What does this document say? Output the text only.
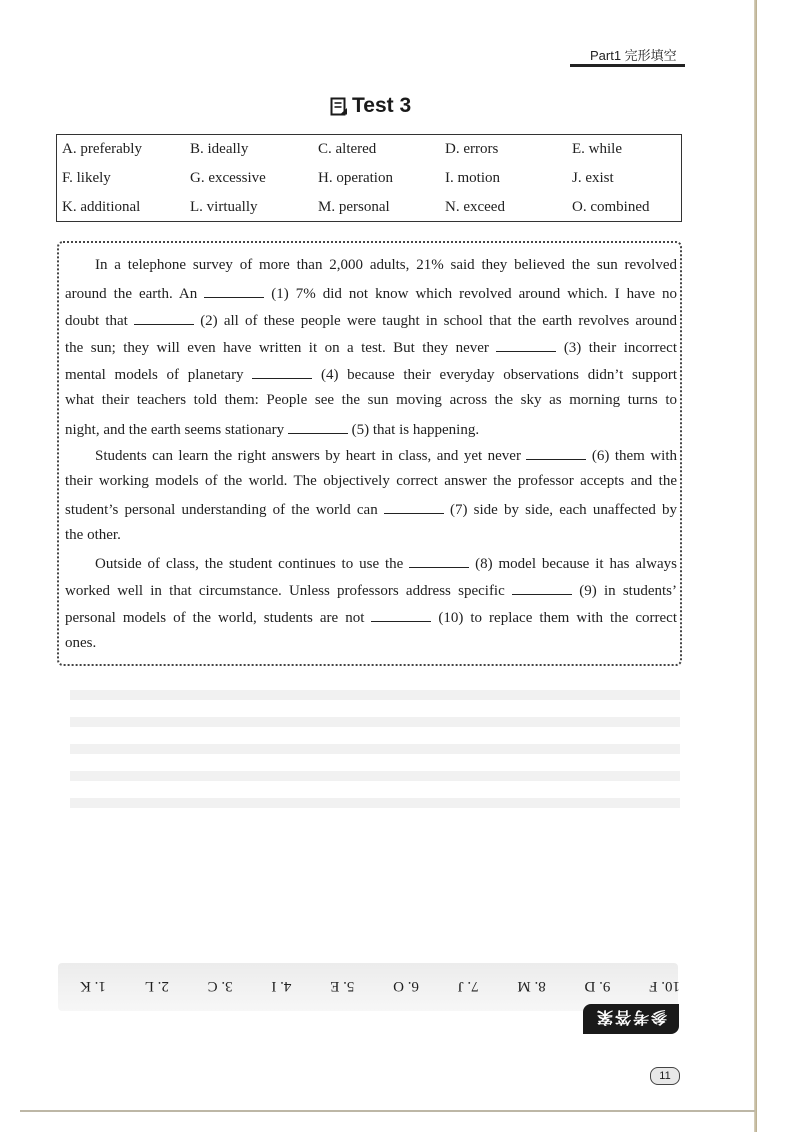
Part1 完形填空
Test 3
A. preferably	B. ideally	C. altered	D. errors	E. while
F. likely	G. excessive	H. operation	I. motion	J. exist
K. additional	L. virtually	M. personal	N. exceed	O. combined
In a telephone survey of more than 2,000 adults, 21% said they believed the sun revolved
around the earth. An	(1) 7% did not know which revolved around which. I have no
doubt that	(2) all of these people were taught in school that the earth revolves around
the sun; they will even have written it on a test. But they never	(3) their incorrect
mental models of planetary	(4) because their everyday observations didn’t support
what their teachers told them: People see the sun moving across the sky as morning turns to
night, and the earth seems stationary	(5) that is happening.
Students can learn the right answers by heart in class, and yet never	(6) them with
their working models of the world. The objectively correct answer the professor accepts and the
student’s personal understanding of the world can	(7) side by side, each unaffected by
the other.
Outside of class, the student continues to use the	(8) model because it has always
worked well in that circumstance. Unless professors address specific	(9) in students’
personal models of the world, students are not	(10) to replace them with the correct
ones.
1. K	2. L	3. C	4. I	5. E	6. O	7. J	8. M	9. D	10. F
参考答案
11
